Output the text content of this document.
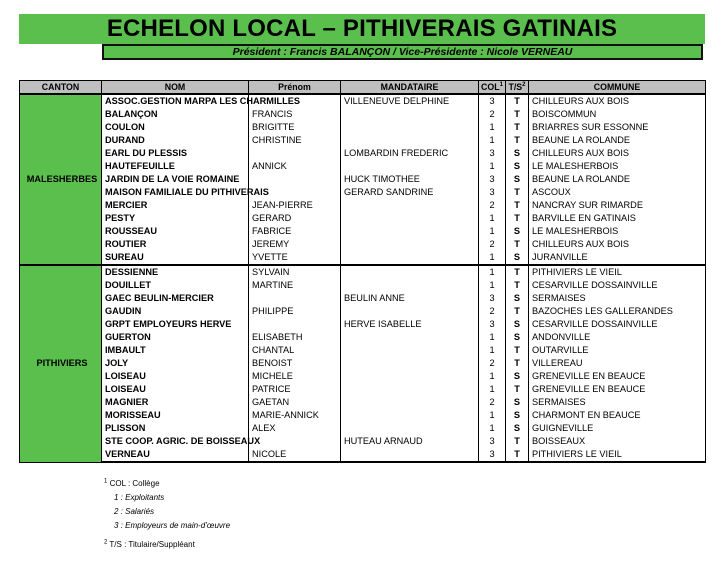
ECHELON LOCAL – PITHIVERAIS GATINAIS
Président : Francis BALANÇON / Vice-Présidente : Nicole VERNEAU
CANTON	NOM	Prénom	MANDATAIRE	COL$^1$	$T/S^2$	COMMUNE
MALESHERBES	ASSOC.GESTION MARPA LES CHARMILLES		VILLENEUVE DELPHINE	3	T	CHILLEURS AUX BOIS
	BALANÇON	FRANCIS		2	T	BOISCOMMUN
	COULON	BRIGITTE		1	T	BRIARRES SUR ESSONNE
	DURAND	CHRISTINE		1	T	BEAUNE LA ROLANDE
	EARL DU PLESSIS		LOMBARDIN FREDERIC	3	S	CHILLEURS AUX BOIS
	HAUTEFEUILLE	ANNICK		1	S	LE MALESHERBOIS
	JARDIN DE LA VOIE ROMAINE		HUCK TIMOTHEE	3	S	BEAUNE LA ROLANDE
	MAISON FAMILIALE DU PITHIVERAIS		GERARD SANDRINE	3	T	ASCOUX
	MERCIER	JEAN-PIERRE		2	T	NANCRAY SUR RIMARDE
	PESTY	GERARD		1	T	BARVILLE EN GATINAIS
	ROUSSEAU	FABRICE		1	S	LE MALESHERBOIS
	ROUTIER	JEREMY		2	T	CHILLEURS AUX BOIS
	SUREAU	YVETTE		1	S	JURANVILLE
PITHIVIERS	DESSIENNE	SYLVAIN		1	T	PITHIVIERS LE VIEIL
	DOUILLET	MARTINE		1	T	CESARVILLE DOSSAINVILLE
	GAEC BEULIN-MERCIER		BEULIN ANNE	3	S	SERMAISES
	GAUDIN	PHILIPPE		2	T	BAZOCHES LES GALLERANDES
	GRPT EMPLOYEURS HERVE		HERVE ISABELLE	3	S	CESARVILLE DOSSAINVILLE
	GUERTON	ELISABETH		1	S	ANDONVILLE
	IMBAULT	CHANTAL		1	T	OUTARVILLE
	JOLY	BENOIST		2	T	VILLEREAU
	LOISEAU	MICHELE		1	S	GRENEVILLE EN BEAUCE
	LOISEAU	PATRICE		1	T	GRENEVILLE EN BEAUCE
	MAGNIER	GAETAN		2	S	SERMAISES
	MORISSEAU	MARIE-ANNICK		1	S	CHARMONT EN BEAUCE
	PLISSON	ALEX		1	S	GUIGNEVILLE
	STE COOP. AGRIC. DE BOISSEAUX		HUTEAU ARNAUD	3	T	BOISSEAUX
	VERNEAU	NICOLE		3	T	PITHIVIERS LE VIEIL
$^1$ COL : Collège
1 : Exploitants
2 : Salariés
3 : Employeurs de main-d’œuvre
$^2$ T/S : Titulaire/Suppléant
